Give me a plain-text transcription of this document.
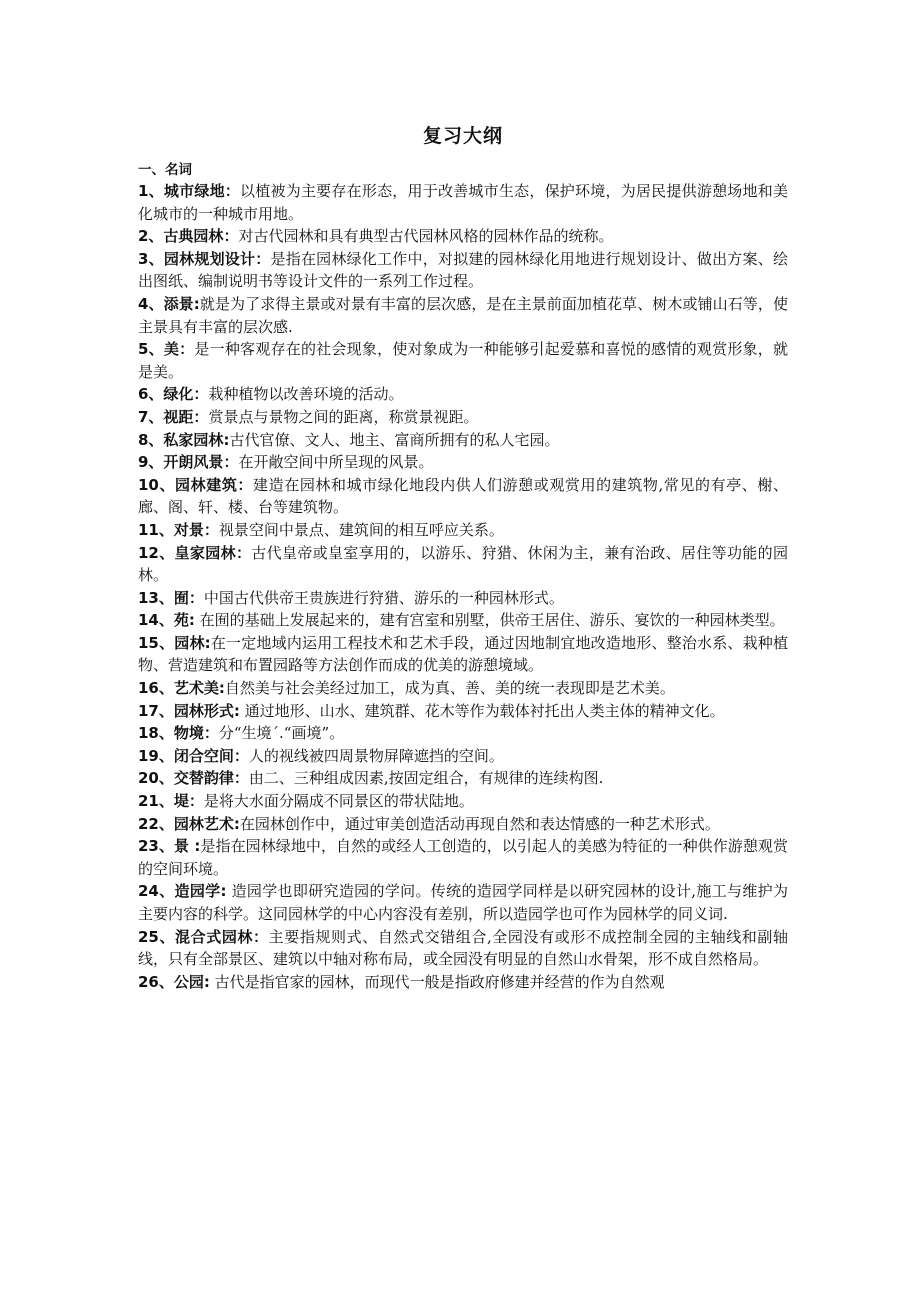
复习大纲

一、名词

1、城市绿地：以植被为主要存在形态，用于改善城市生态，保护环境，为居民提供游憩场地和美化城市的一种城市用地。

2、古典园林：对古代园林和具有典型古代园林风格的园林作品的统称。

3、园林规划设计：是指在园林绿化工作中，对拟建的园林绿化用地进行规划设计、做出方案、绘出图纸、编制说明书等设计文件的一系列工作过程。

4、添景:就是为了求得主景或对景有丰富的层次感，是在主景前面加植花草、树木或铺山石等，使主景具有丰富的层次感.

5、美：是一种客观存在的社会现象，使对象成为一种能够引起爱慕和喜悦的感情的观赏形象，就是美。

6、绿化：栽种植物以改善环境的活动。

7、视距：赏景点与景物之间的距离，称赏景视距。

8、私家园林:古代官僚、文人、地主、富商所拥有的私人宅园。

9、开朗风景：在开敞空间中所呈现的风景。

10、园林建筑：建造在园林和城市绿化地段内供人们游憩或观赏用的建筑物,常见的有亭、榭、廊、阁、轩、楼、台等建筑物。

11、对景：视景空间中景点、建筑间的相互呼应关系。

12、皇家园林：古代皇帝或皇室享用的，以游乐、狩猎、休闲为主，兼有治政、居住等功能的园林。

13、囿：中国古代供帝王贵族进行狩猎、游乐的一种园林形式。

14、苑: 在囿的基础上发展起来的，建有宫室和别墅，供帝王居住、游乐、宴饮的一种园林类型。

15、园林:在一定地域内运用工程技术和艺术手段，通过因地制宜地改造地形、整治水系、栽种植物、营造建筑和布置园路等方法创作而成的优美的游憩境域。

16、艺术美:自然美与社会美经过加工，成为真、善、美的统一表现即是艺术美。

17、园林形式: 通过地形、山水、建筑群、花木等作为载体衬托出人类主体的精神文化。

18、物境：分“生境ˊ.“画境”。

19、闭合空间：人的视线被四周景物屏障遮挡的空间。

20、交替韵律：由二、三种组成因素,按固定组合，有规律的连续构图.

21、堤：是将大水面分隔成不同景区的带状陆地。

22、园林艺术:在园林创作中，通过审美创造活动再现自然和表达情感的一种艺术形式。

23、景 :是指在园林绿地中，自然的或经人工创造的，以引起人的美感为特征的一种供作游憩观赏的空间环境。

24、造园学: 造园学也即研究造园的学问。传统的造园学同样是以研究园林的设计,施工与维护为主要内容的科学。这同园林学的中心内容没有差别，所以造园学也可作为园林学的同义词.

25、混合式园林：主要指规则式、自然式交错组合,全园没有或形不成控制全园的主轴线和副轴线，只有全部景区、建筑以中轴对称布局，或全园没有明显的自然山水骨架，形不成自然格局。

26、公园: 古代是指官家的园林，而现代一般是指政府修建并经营的作为自然观
